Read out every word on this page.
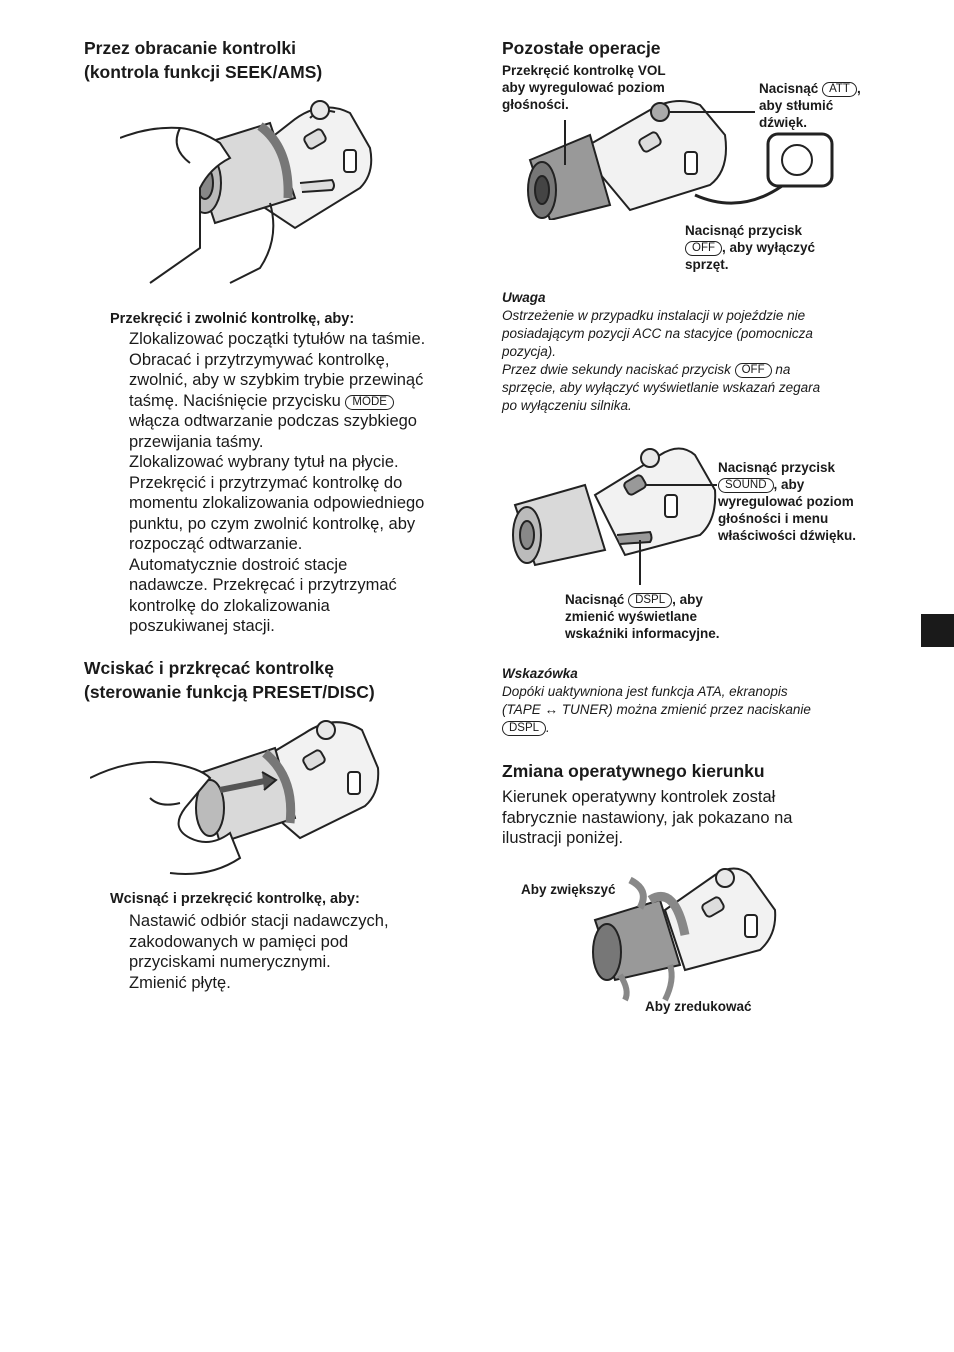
Przez obracanie kontrolki
(kontrola funkcji SEEK/AMS)
Przekręcić i zwolnić kontrolkę, aby:

Zlokalizować początki tytułów na taśmie.

Obracać i przytrzymywać kontrolkę,

zwolnić, aby w szybkim trybie przewinąć

taśmę. Naciśnięcie przycisku MODE

włącza odtwarzanie podczas szybkiego

przewijania taśmy.

Zlokalizować wybrany tytuł na płycie.

Przekręcić i przytrzymać kontrolkę do

momentu zlokalizowania odpowiedniego

punktu, po czym zwolnić kontrolkę, aby

rozpocząć odtwarzanie.

Automatycznie dostroić stacje

nadawcze. Przekręcać i przytrzymać

kontrolkę do zlokalizowania

poszukiwanej stacji.

Wciskać i przkręcać kontrolkę
(sterowanie funkcją PRESET/DISC)
Wcisnąć i przekręcić kontrolkę, aby:

Nastawić odbiór stacji nadawczych,

zakodowanych w pamięci pod

przyciskami numerycznymi.

Zmienić płytę.

Pozostałe operacje
Przekręcić kontrolkę VOL
aby wyregulować poziom
głośności.
Nacisnąć ATT ,
aby stłumić
dźwięk.
Nacisnąć przycisk
OFF , aby wyłączyć
sprzęt.
Uwaga
Ostrzeżenie w przypadku instalacji w pojeździe nie
posiadającym pozycji ACC na stacyjce (pomocnicza
pozycja).
Przez dwie sekundy naciskać przycisk OFF na
sprzęcie, aby wyłączyć wyświetlanie wskazań zegara
po wyłączeniu silnika.
Nacisnąć przycisk
SOUND , aby
wyregulować poziom
głośności i menu
właściwości dźwięku.
Nacisnąć DSPL , aby
zmienić wyświetlane
wskaźniki informacyjne.
Wskazówka
Dopóki uaktywniona jest funkcja ATA, ekranopis
(TAPE ↔ TUNER) można zmienić przez naciskanie
DSPL .
Zmiana operatywnego kierunku
Kierunek operatywny kontrolek został
fabrycznie nastawiony, jak pokazano na
ilustracji poniżej.
Aby zwiększyć
Aby zredukować
